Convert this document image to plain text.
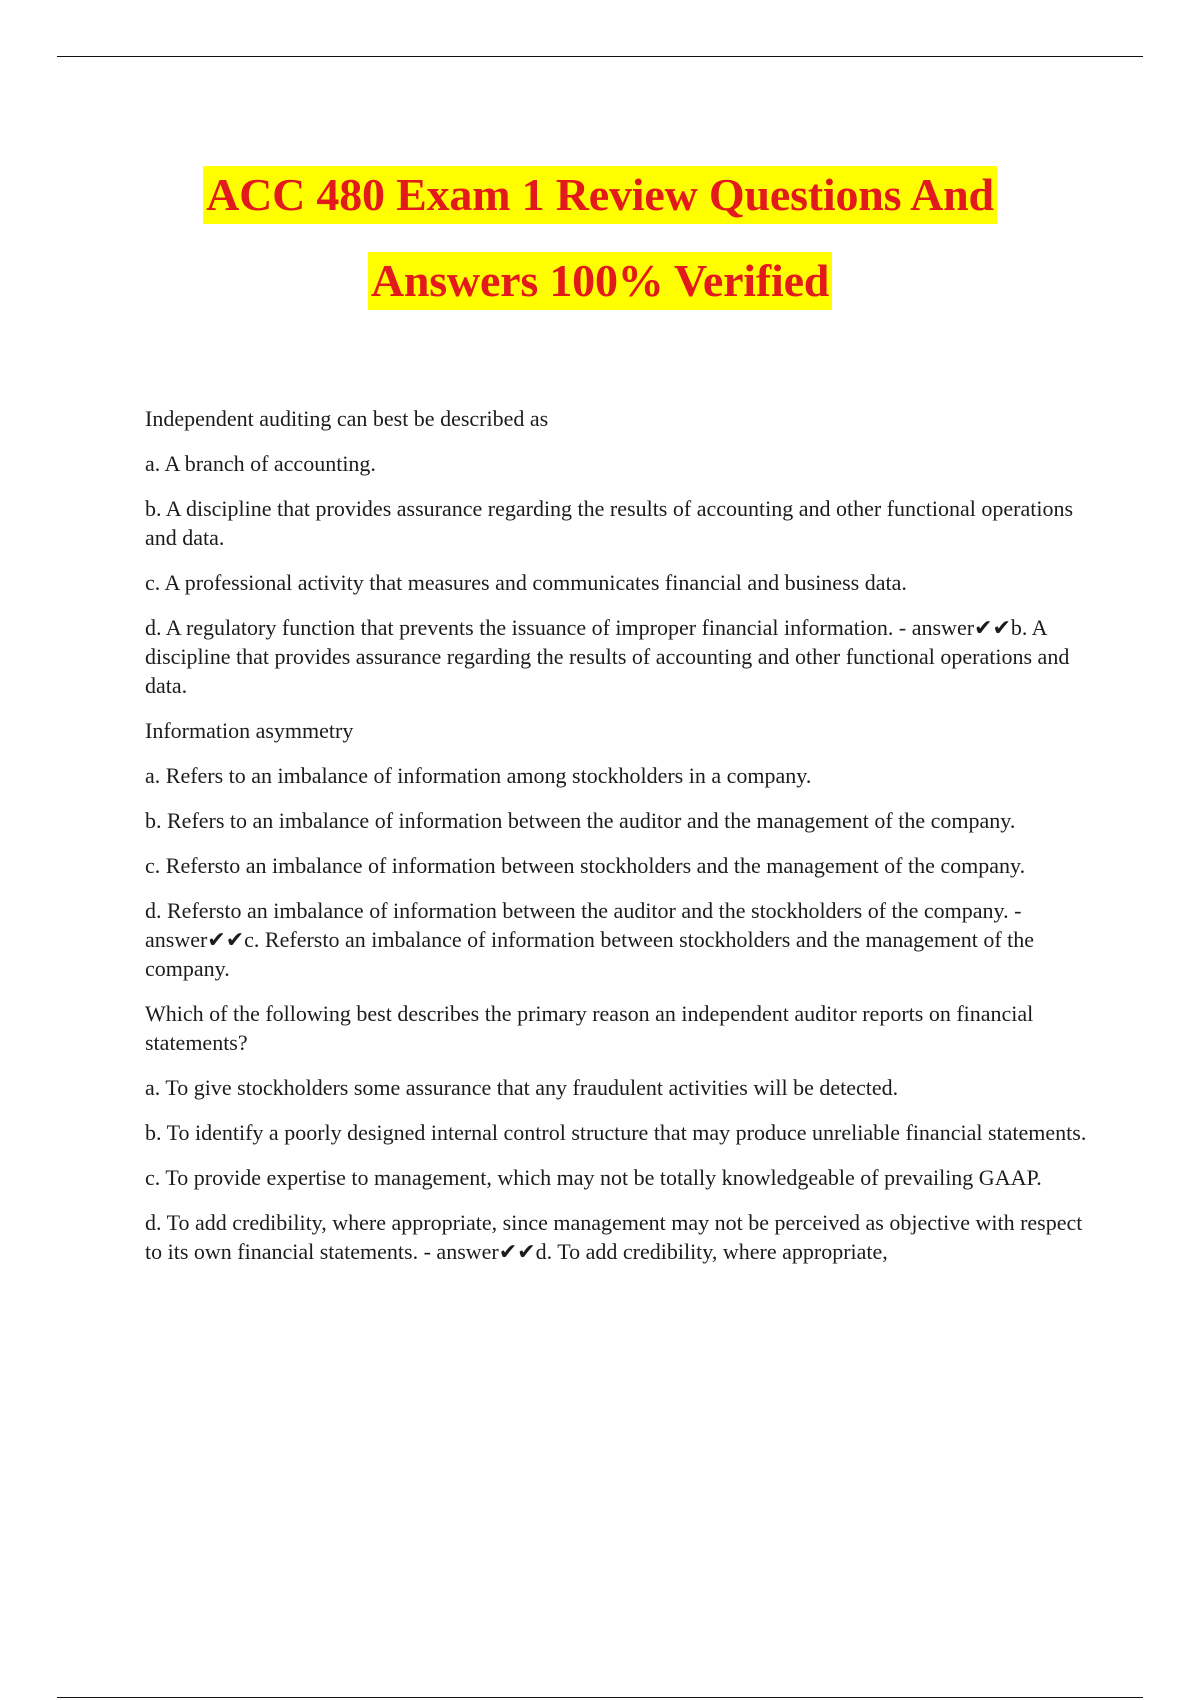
ACC 480 Exam 1 Review Questions And
Answers 100% Verified

Independent auditing can best be described as

a. A branch of accounting.

b. A discipline that provides assurance regarding the results of accounting and other functional operations and data.

c. A professional activity that measures and communicates financial and business data.

d. A regulatory function that prevents the issuance of improper financial information. - answer✔✔b. A discipline that provides assurance regarding the results of accounting and other functional operations and data.

Information asymmetry

a. Refers to an imbalance of information among stockholders in a company.

b. Refers to an imbalance of information between the auditor and the management of the company.

c. Refersto an imbalance of information between stockholders and the management of the company.

d. Refersto an imbalance of information between the auditor and the stockholders of the company. - answer✔✔c. Refersto an imbalance of information between stockholders and the management of the company.

Which of the following best describes the primary reason an independent auditor reports on financial statements?

a. To give stockholders some assurance that any fraudulent activities will be detected.

b. To identify a poorly designed internal control structure that may produce unreliable financial statements.

c. To provide expertise to management, which may not be totally knowledgeable of prevailing GAAP.

d. To add credibility, where appropriate, since management may not be perceived as objective with respect to its own financial statements. - answer✔✔d. To add credibility, where appropriate,
